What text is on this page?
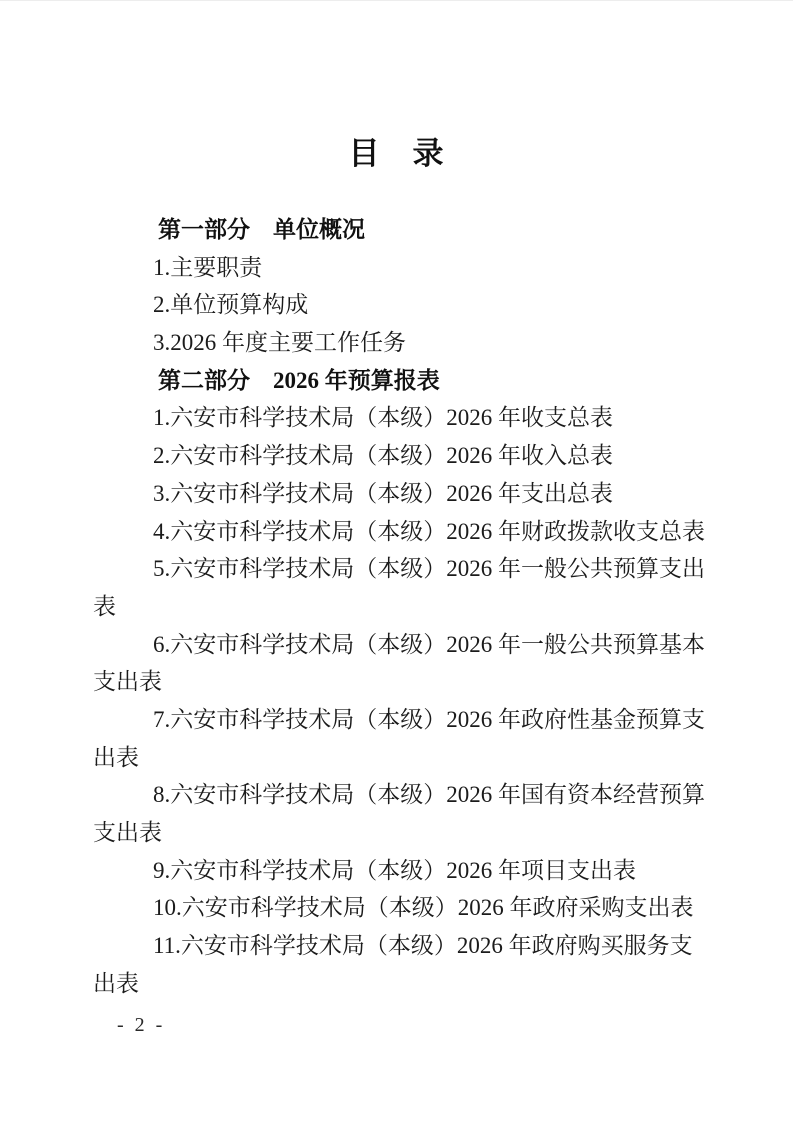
目　录
第一部分　单位概况
1.主要职责
2.单位预算构成
3.2026 年度主要工作任务
第二部分　2026 年预算报表
1.六安市科学技术局（本级）2026 年收支总表
2.六安市科学技术局（本级）2026 年收入总表
3.六安市科学技术局（本级）2026 年支出总表
4.六安市科学技术局（本级）2026 年财政拨款收支总表
5.六安市科学技术局（本级）2026 年一般公共预算支出
表
6.六安市科学技术局（本级）2026 年一般公共预算基本
支出表
7.六安市科学技术局（本级）2026 年政府性基金预算支
出表
8.六安市科学技术局（本级）2026 年国有资本经营预算
支出表
9.六安市科学技术局（本级）2026 年项目支出表
10.六安市科学技术局（本级）2026 年政府采购支出表
11.六安市科学技术局（本级）2026 年政府购买服务支
出表
- 2 -
